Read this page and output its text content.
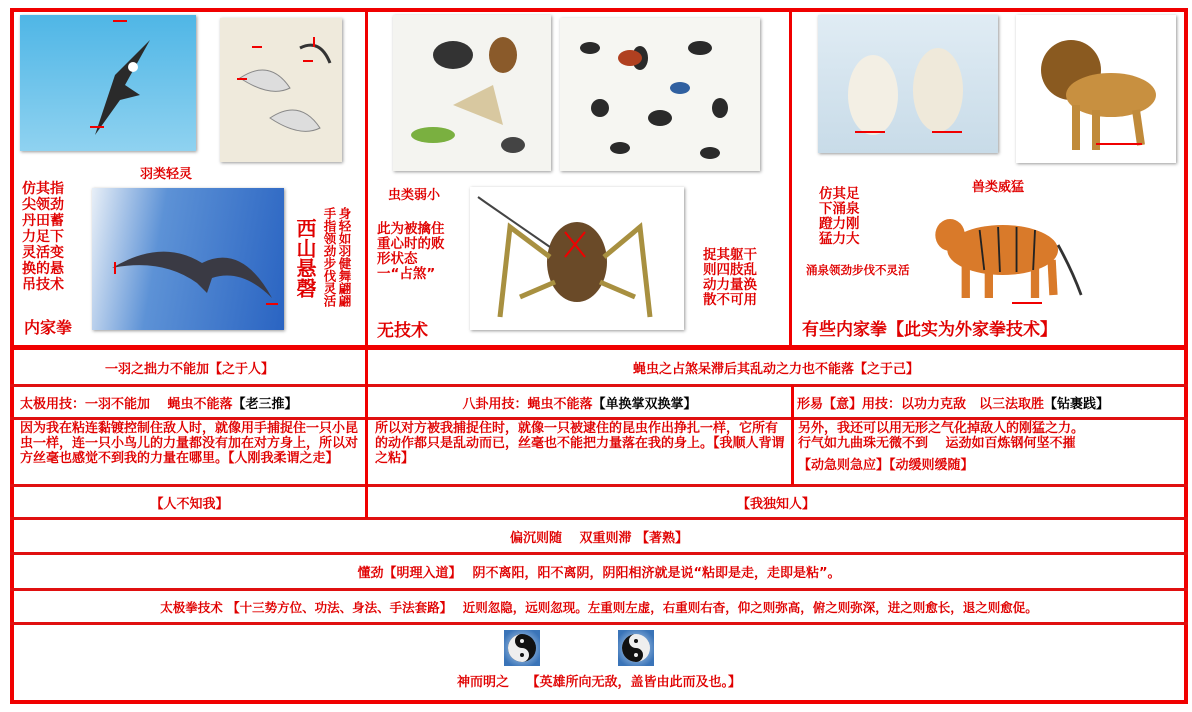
羽类轻灵
仿其指
尖领劲
丹田蓄
力足下
灵活变
换的悬
吊技术	西山悬磬 手指领劲步伐灵活 身轻如羽健舞翩翩
内家拳
虫类弱小
此为被擒住
重心时的败
形状态
一“占煞”
捉其躯干
则四肢乱
动力量涣
散不可用
无技术
兽类威猛
仿其足
下涌泉
蹬力刚
猛力大
涌泉领劲步伐不灵活
有些内家拳【此实为外家拳技术】
一羽之拙力不能加【之于人】	蝇虫之占煞呆滞后其乱动之力也不能落【之于己】
太极用技：一羽不能加　 蝇虫不能落 【老三推】	八卦用技：蝇虫不能落 【单换掌双换掌】	形易【意】用技：以功力克敌　以三法取胜 【钻裹践】
因为我在粘连黏镀控制住敌人时，就像用手捕捉住一只小昆虫一样，连一只小鸟儿的力量都没有加在对方身上，所以对方丝毫也感觉不到我的力量在哪里。【人刚我柔谓之走】
所以对方被我捕捉住时，就像一只被逮住的昆虫作出挣扎一样，它所有的动作都只是乱动而已，丝毫也不能把力量落在我的身上。【我顺人背谓之粘】
另外，我还可以用无形之气化掉敌人的刚猛之力。
行气如九曲珠无微不到　 运劲如百炼钢何坚不摧
【动急则急应】【动缓则缓随】
【人不知我】	【我独知人】
偏沉则随　 双重则滞 【著熟】
懂劲【明理入道】　 阴不离阳，阳不离阴，阴阳相济就是说“粘即是走，走即是粘”。
太极拳技术 【十三势方位、功法、身法、手法套路】　 近则忽隐，远则忽现。左重则左虚，右重则右杳，仰之则弥高，俯之则弥深，进之则愈长，退之则愈促。
神而明之　 【英雄所向无敌，盖皆由此而及也。】
